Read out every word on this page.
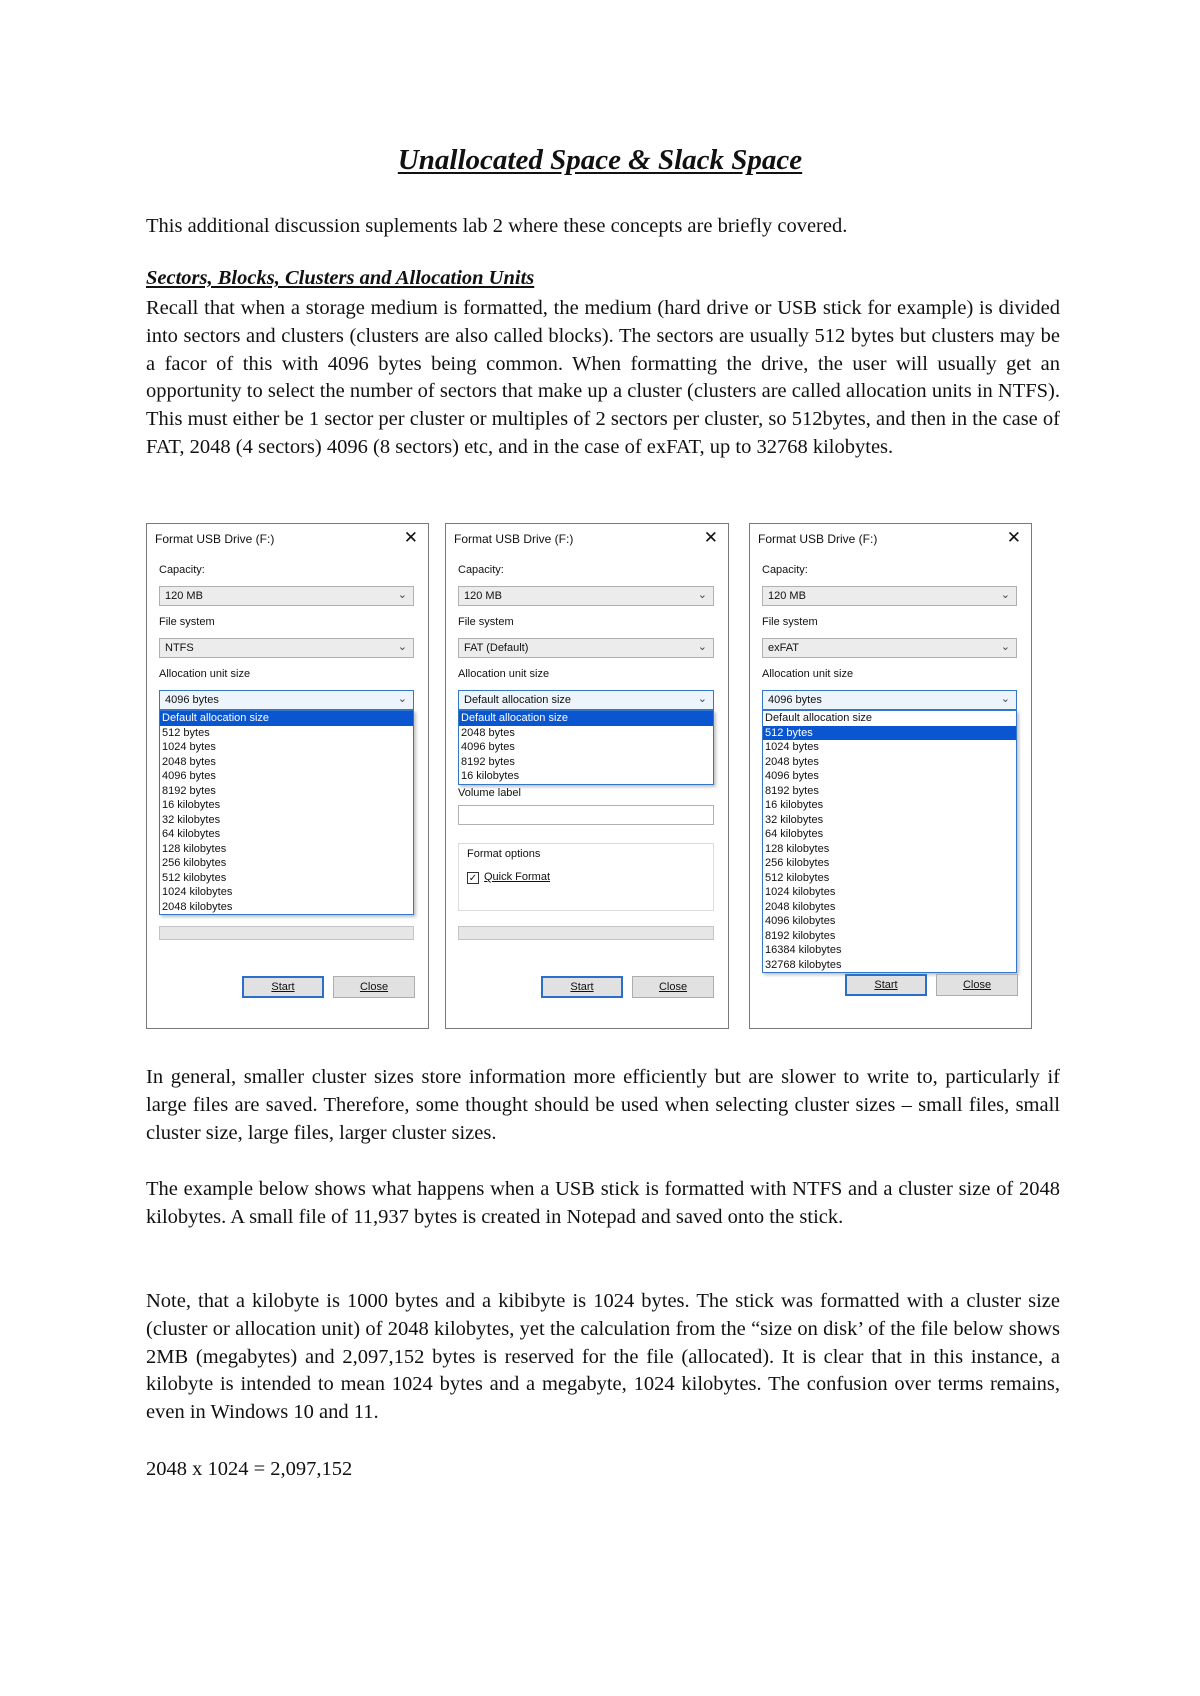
Unallocated Space & Slack Space

This additional discussion suplements lab 2 where these concepts are briefly covered.

Sectors, Blocks, Clusters and Allocation Units

Recall that when a storage medium is formatted, the medium (hard drive or USB stick for example) is divided into sectors and clusters (clusters are also called blocks). The sectors are usually 512 bytes but clusters may be a facor of this with 4096 bytes being common. When formatting the drive, the user will usually get an opportunity to select the number of sectors that make up a cluster (clusters are called allocation units in NTFS). This must either be 1 sector per cluster or multiples of 2 sectors per cluster, so 512bytes, and then in the case of FAT, 2048 (4 sectors) 4096 (8 sectors) etc, and in the case of exFAT, up to 32768 kilobytes.

Format USB Drive (F:)	✕
Capacity:
120 MB	⌄
File system
NTFS	⌄
Allocation unit size
4096 bytes	⌄
Default allocation size
512 bytes
1024 bytes
2048 bytes
4096 bytes
8192 bytes
16 kilobytes
32 kilobytes
64 kilobytes
128 kilobytes
256 kilobytes
512 kilobytes
1024 kilobytes
2048 kilobytes
Start	Close
Format USB Drive (F:)	✕
Capacity:
120 MB	⌄
File system
FAT (Default)	⌄
Allocation unit size
Default allocation size	⌄
Default allocation size
2048 bytes
4096 bytes
8192 bytes
16 kilobytes
Volume label
Format options
✓ Quick Format
Start	Close
Format USB Drive (F:)	✕
Capacity:
120 MB	⌄
File system
exFAT	⌄
Allocation unit size
4096 bytes	⌄
Default allocation size
512 bytes
1024 bytes
2048 bytes
4096 bytes
8192 bytes
16 kilobytes
32 kilobytes
64 kilobytes
128 kilobytes
256 kilobytes
512 kilobytes
1024 kilobytes
2048 kilobytes
4096 kilobytes
8192 kilobytes
16384 kilobytes
32768 kilobytes
Start	Close

In general, smaller cluster sizes store information more efficiently but are slower to write to, particularly if large files are saved. Therefore, some thought should be used when selecting cluster sizes – small files, small cluster size, large files, larger cluster sizes.

The example below shows what happens when a USB stick is formatted with NTFS and a cluster size of 2048 kilobytes. A small file of 11,937 bytes is created in Notepad and saved onto the stick.

Note, that a kilobyte is 1000 bytes and a kibibyte is 1024 bytes. The stick was formatted with a cluster size (cluster or allocation unit) of 2048 kilobytes, yet the calculation from the “size on disk’ of the file below shows 2MB (megabytes) and 2,097,152 bytes is reserved for the file (allocated). It is clear that in this instance, a kilobyte is intended to mean 1024 bytes and a megabyte, 1024 kilobytes. The confusion over terms remains, even in Windows 10 and 11.

2048 x 1024 = 2,097,152
